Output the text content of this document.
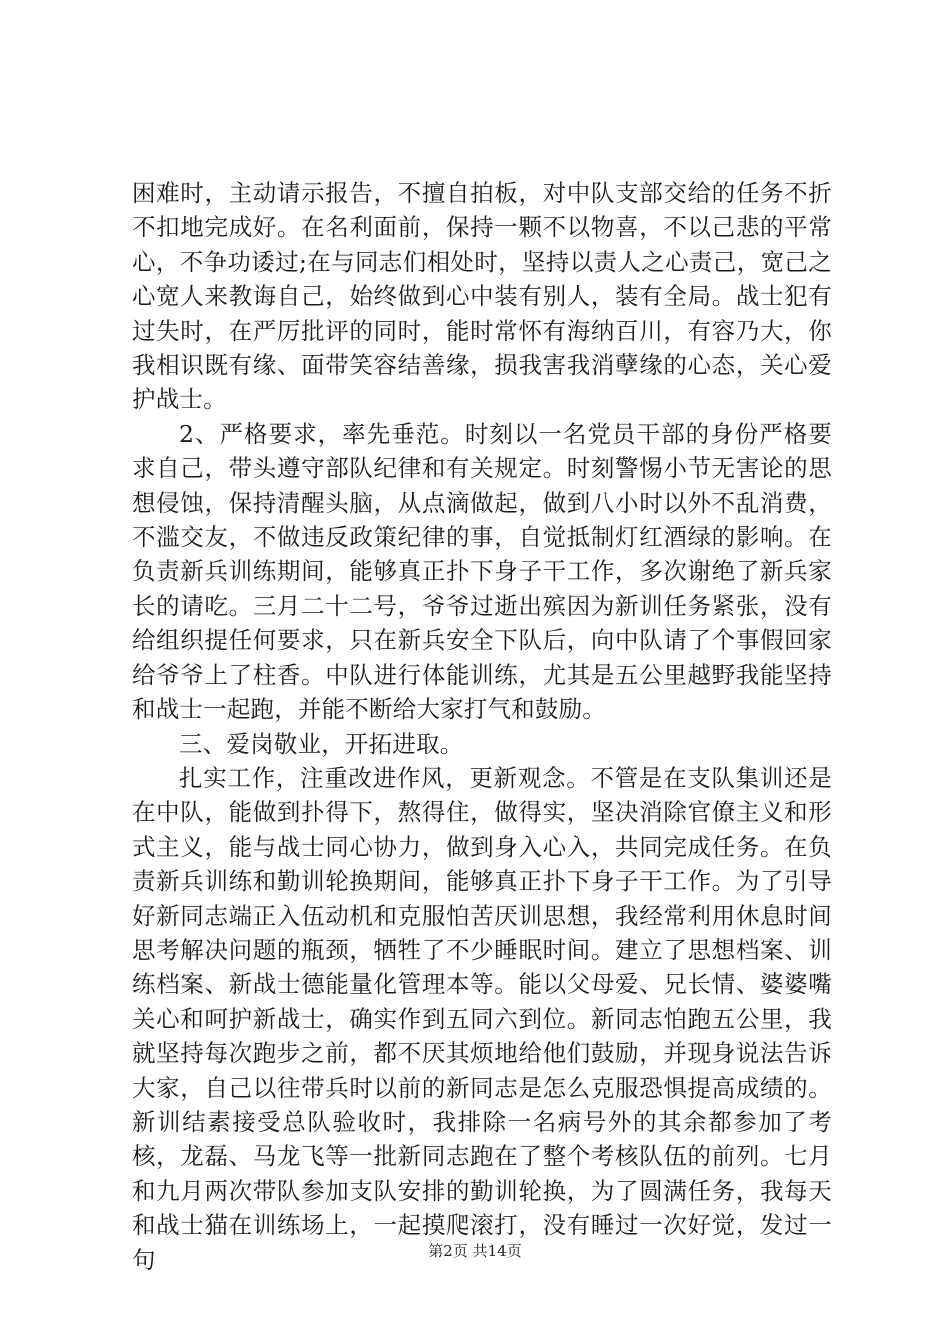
困难时，主动请示报告，不擅自拍板，对中队支部交给的任务不折不扣地完成好。在名利面前，保持一颗不以物喜，不以己悲的平常心，不争功诿过;在与同志们相处时，坚持以责人之心责己，宽己之心宽人来教诲自己，始终做到心中装有别人，装有全局。战士犯有过失时，在严厉批评的同时，能时常怀有海纳百川，有容乃大，你我相识既有缘、面带笑容结善缘，损我害我消孽缘的心态，关心爱护战士。

2、严格要求，率先垂范。时刻以一名党员干部的身份严格要求自己，带头遵守部队纪律和有关规定。时刻警惕小节无害论的思想侵蚀，保持清醒头脑，从点滴做起，做到八小时以外不乱消费，不滥交友，不做违反政策纪律的事，自觉抵制灯红酒绿的影响。在负责新兵训练期间，能够真正扑下身子干工作，多次谢绝了新兵家长的请吃。三月二十二号，爷爷过逝出殡因为新训任务紧张，没有给组织提任何要求，只在新兵安全下队后，向中队请了个事假回家给爷爷上了柱香。中队进行体能训练，尤其是五公里越野我能坚持和战士一起跑，并能不断给大家打气和鼓励。

三、爱岗敬业，开拓进取。

扎实工作，注重改进作风，更新观念。不管是在支队集训还是在中队，能做到扑得下，熬得住，做得实，坚决消除官僚主义和形式主义，能与战士同心协力，做到身入心入，共同完成任务。在负责新兵训练和勤训轮换期间，能够真正扑下身子干工作。为了引导好新同志端正入伍动机和克服怕苦厌训思想，我经常利用休息时间思考解决问题的瓶颈，牺牲了不少睡眠时间。建立了思想档案、训练档案、新战士德能量化管理本等。能以父母爱、兄长情、婆婆嘴关心和呵护新战士，确实作到五同六到位。新同志怕跑五公里，我就坚持每次跑步之前，都不厌其烦地给他们鼓励，并现身说法告诉大家，自己以往带兵时以前的新同志是怎么克服恐惧提高成绩的。新训结素接受总队验收时，我排除一名病号外的其余都参加了考核，龙磊、马龙飞等一批新同志跑在了整个考核队伍的前列。七月和九月两次带队参加支队安排的勤训轮换，为了圆满任务，我每天和战士猫在训练场上，一起摸爬滚打，没有睡过一次好觉，发过一句	第2页 共14页
